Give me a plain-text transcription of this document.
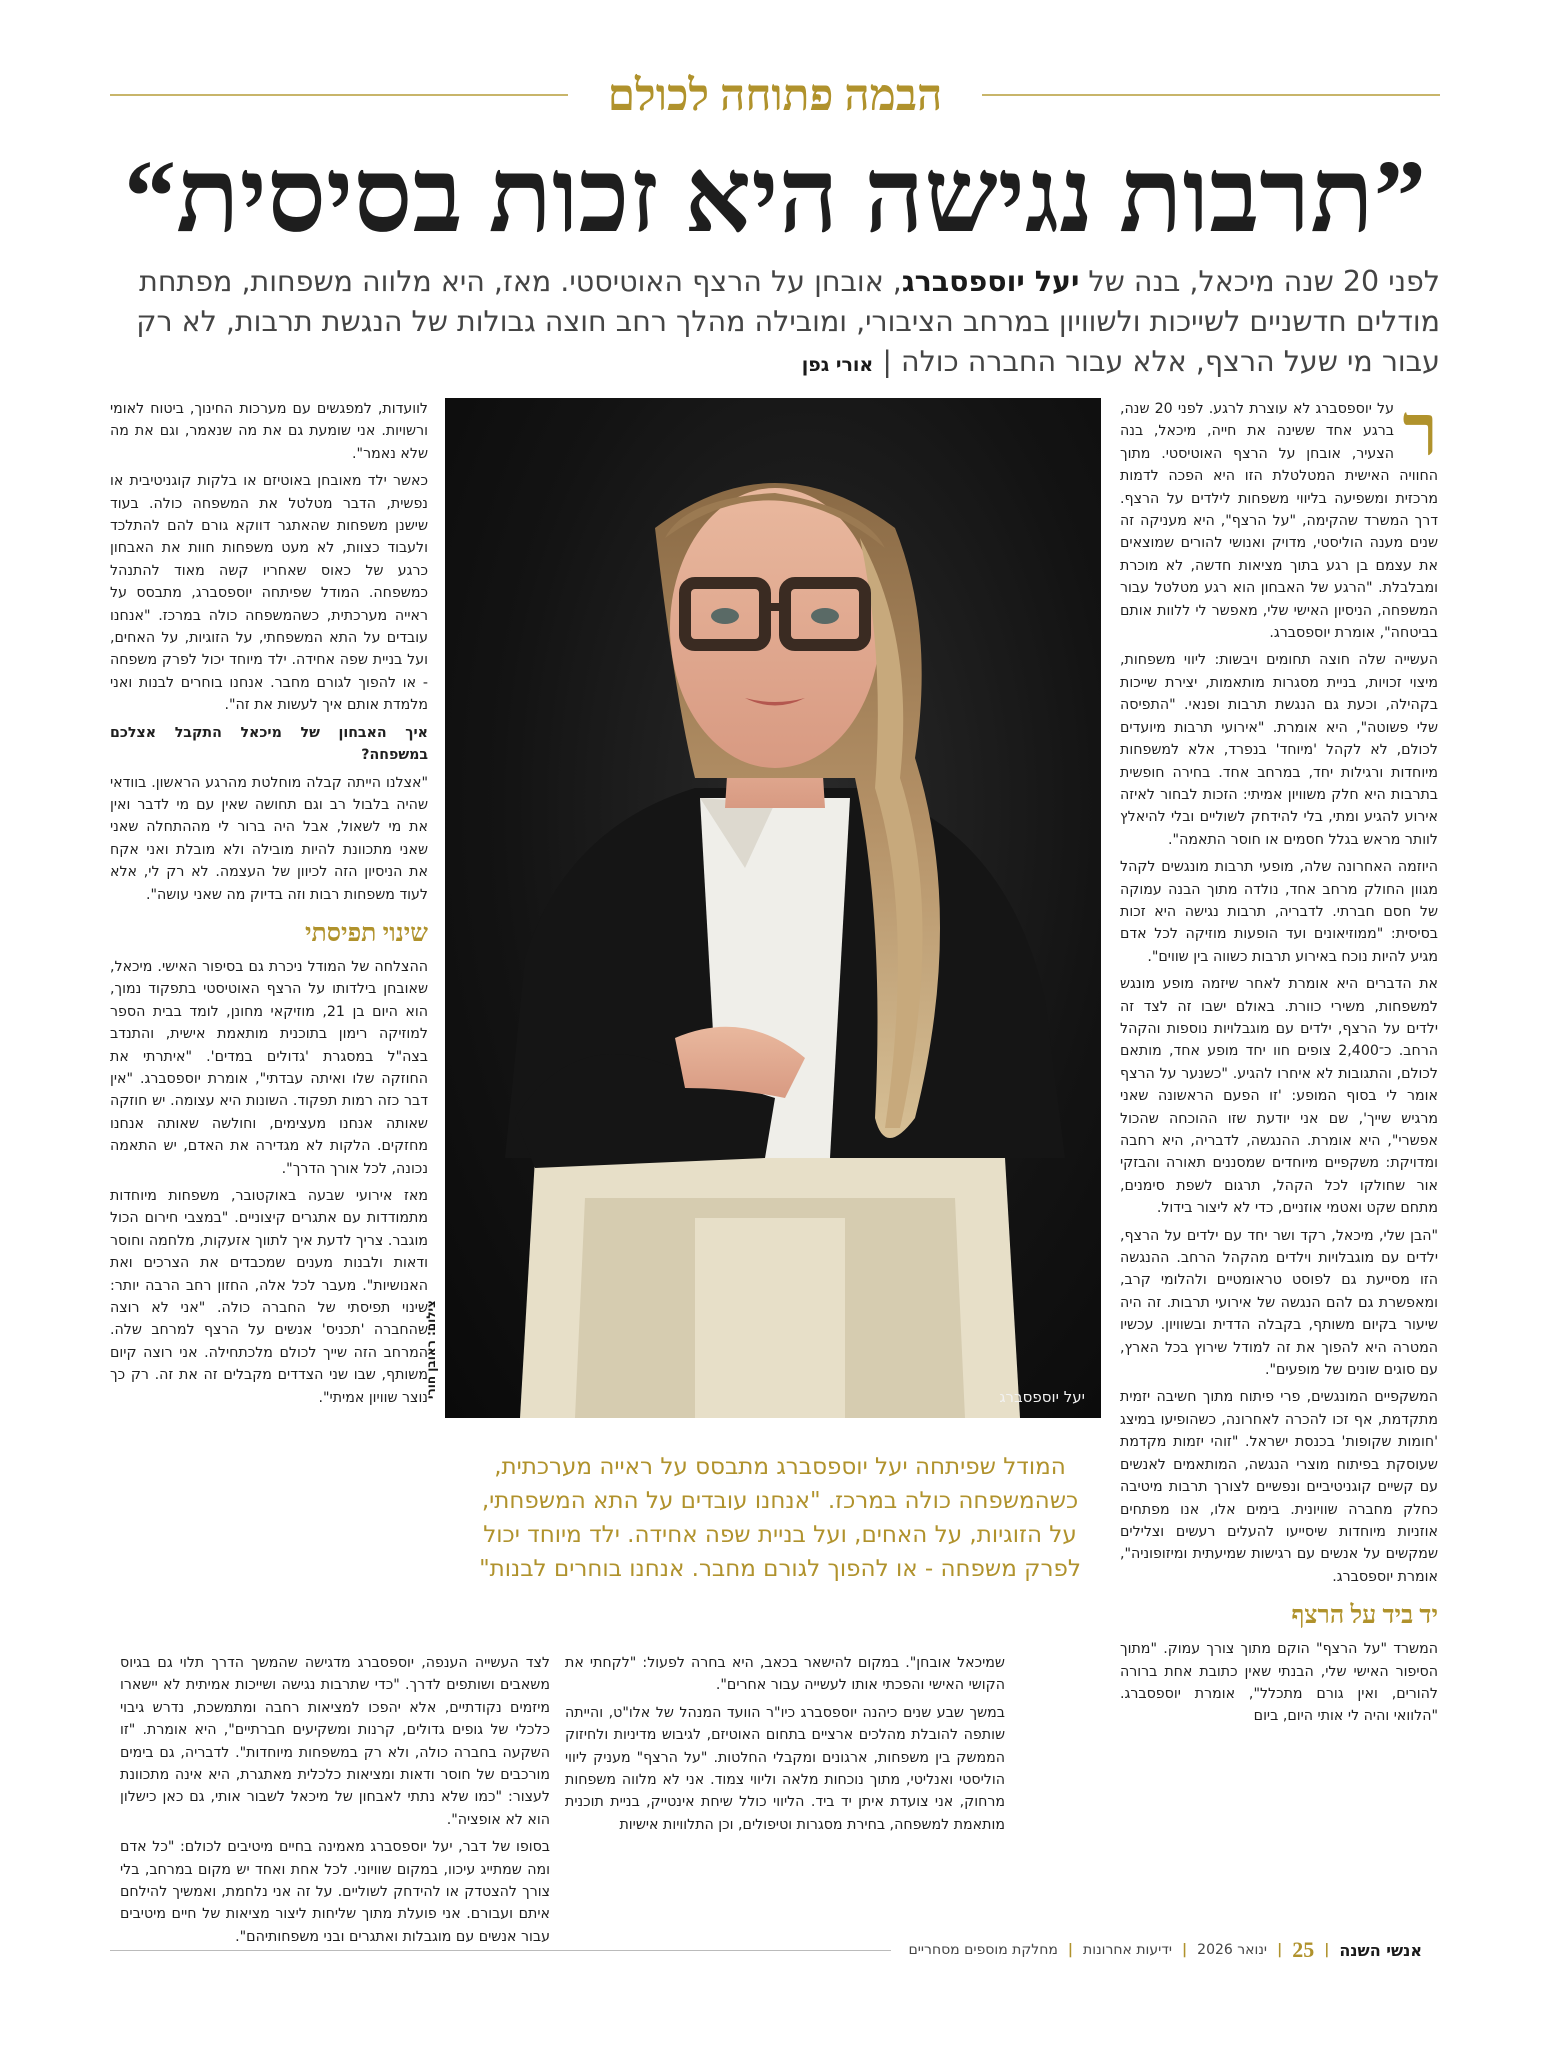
הבמה פתוחה לכולם
”תרבות נגישה היא זכות בסיסית“

לפני 20 שנה מיכאל, בנה של יעל יוספסברג, אובחן על הרצף האוטיסטי. מאז, היא מלווה משפחות, מפתחת מודלים חדשניים לשייכות ולשוויון במרחב הציבורי, ומובילה מהלך רחב חוצה גבולות של הנגשת תרבות, לא רק עבור מי שעל הרצף, אלא עבור החברה כולה | אורי גפן

ר

על יוספסברג לא עוצרת לרגע. לפני 20 שנה, ברגע אחד ששינה את חייה, מיכאל, בנה הצעיר, אובחן על הרצף האוטיסטי. מתוך החוויה האישית המטלטלת הזו היא הפכה לדמות מרכזית ומשפיעה בליווי משפחות לילדים על הרצף. דרך המשרד שהקימה, "על הרצף", היא מעניקה זה שנים מענה הוליסטי, מדויק ואנושי להורים שמוצאים את עצמם בן רגע בתוך מציאות חדשה, לא מוכרת ומבלבלת. "הרגע של האבחון הוא רגע מטלטל עבור המשפחה, הניסיון האישי שלי, מאפשר לי ללוות אותם בביטחה", אומרת יוספסברג.

העשייה שלה חוצה תחומים ויבשות: ליווי משפחות, מיצוי זכויות, בניית מסגרות מותאמות, יצירת שייכות בקהילה, וכעת גם הנגשת תרבות ופנאי. "התפיסה שלי פשוטה", היא אומרת. "אירועי תרבות מיועדים לכולם, לא לקהל 'מיוחד' בנפרד, אלא למשפחות מיוחדות ורגילות יחד, במרחב אחד. בחירה חופשית בתרבות היא חלק משוויון אמיתי: הזכות לבחור לאיזה אירוע להגיע ומתי, בלי להידחק לשוליים ובלי להיאלץ לוותר מראש בגלל חסמים או חוסר התאמה".

היוזמה האחרונה שלה, מופעי תרבות מונגשים לקהל מגוון החולק מרחב אחד, נולדה מתוך הבנה עמוקה של חסם חברתי. לדבריה, תרבות נגישה היא זכות בסיסית: "ממוזיאונים ועד הופעות מוזיקה לכל אדם מגיע להיות נוכח באירוע תרבות כשווה בין שווים".

את הדברים היא אומרת לאחר שיזמה מופע מונגש למשפחות, משירי כוורת. באולם ישבו זה לצד זה ילדים על הרצף, ילדים עם מוגבלויות נוספות והקהל הרחב. כ־2,400 צופים חוו יחד מופע אחד, מותאם לכולם, והתגובות לא איחרו להגיע. "כשנער על הרצף אומר לי בסוף המופע: 'זו הפעם הראשונה שאני מרגיש שייך', שם אני יודעת שזו ההוכחה שהכול אפשרי", היא אומרת. ההנגשה, לדבריה, היא רחבה ומדויקת: משקפיים מיוחדים שמסננים תאורה והבזקי אור שחולקו לכל הקהל, תרגום לשפת סימנים, מתחם שקט ואטמי אוזניים, כדי לא ליצור בידול.

"הבן שלי, מיכאל, רקד ושר יחד עם ילדים על הרצף, ילדים עם מוגבלויות וילדים מהקהל הרחב. ההנגשה הזו מסייעת גם לפוסט טראומטיים ולהלומי קרב, ומאפשרת גם להם הנגשה של אירועי תרבות. זה היה שיעור בקיום משותף, בקבלה הדדית ובשוויון. עכשיו המטרה היא להפוך את זה למודל שירוץ בכל הארץ, עם סוגים שונים של מופעים".

המשקפיים המונגשים, פרי פיתוח מתוך חשיבה יזמית מתקדמת, אף זכו להכרה לאחרונה, כשהופיעו במיצג 'חומות שקופות' בכנסת ישראל. "זוהי יזמות מקדמת שעוסקת בפיתוח מוצרי הנגשה, המותאמים לאנשים עם קשיים קוגניטיביים ונפשיים לצורך תרבות מיטיבה כחלק מחברה שוויונית. בימים אלו, אנו מפתחים אוזניות מיוחדות שיסייעו להעלים רעשים וצלילים שמקשים על אנשים עם רגישות שמיעתית ומיזופוניה", אומרת יוספסברג.

יד ביד על הרצף

המשרד "על הרצף" הוקם מתוך צורך עמוק. "מתוך הסיפור האישי שלי, הבנתי שאין כתובת אחת ברורה להורים, ואין גורם מתכלל", אומרת יוספסברג. "הלוואי והיה לי אותי היום, ביום

יעל יוספסברג
צילום: ראובן חורי

המודל שפיתחה יעל יוספסברג מתבסס על ראייה מערכתית, כשהמשפחה כולה במרכז. "אנחנו עובדים על התא המשפחתי, על הזוגיות, על האחים, ועל בניית שפה אחידה. ילד מיוחד יכול לפרק משפחה - או להפוך לגורם מחבר. אנחנו בוחרים לבנות"

שמיכאל אובחן". במקום להישאר בכאב, היא בחרה לפעול: "לקחתי את הקושי האישי והפכתי אותו לעשייה עבור אחרים".

במשך שבע שנים כיהנה יוספסברג כיו"ר הוועד המנהל של אלו"ט, והייתה שותפה להובלת מהלכים ארציים בתחום האוטיזם, לגיבוש מדיניות ולחיזוק הממשק בין משפחות, ארגונים ומקבלי החלטות. "על הרצף" מעניק ליווי הוליסטי ואנליטי, מתוך נוכחות מלאה וליווי צמוד. אני לא מלווה משפחות מרחוק, אני צועדת איתן יד ביד. הליווי כולל שיחת אינטייק, בניית תוכנית מותאמת למשפחה, בחירת מסגרות וטיפולים, וכן התלוויות אישיות

לוועדות, למפגשים עם מערכות החינוך, ביטוח לאומי ורשויות. אני שומעת גם את מה שנאמר, וגם את מה שלא נאמר".

כאשר ילד מאובחן באוטיזם או בלקות קוגניטיבית או נפשית, הדבר מטלטל את המשפחה כולה. בעוד שישנן משפחות שהאתגר דווקא גורם להם להתלכד ולעבוד כצוות, לא מעט משפחות חוות את האבחון כרגע של כאוס שאחריו קשה מאוד להתנהל כמשפחה. המודל שפיתחה יוספסברג, מתבסס על ראייה מערכתית, כשהמשפחה כולה במרכז. "אנחנו עובדים על התא המשפחתי, על הזוגיות, על האחים, ועל בניית שפה אחידה. ילד מיוחד יכול לפרק משפחה - או להפוך לגורם מחבר. אנחנו בוחרים לבנות ואני מלמדת אותם איך לעשות את זה".

איך האבחון של מיכאל התקבל אצלכם במשפחה?

"אצלנו הייתה קבלה מוחלטת מהרגע הראשון. בוודאי שהיה בלבול רב וגם תחושה שאין עם מי לדבר ואין את מי לשאול, אבל היה ברור לי מההתחלה שאני שאני מתכוונת להיות מובילה ולא מובלת ואני אקח את הניסיון הזה לכיוון של העצמה. לא רק לי, אלא לעוד משפחות רבות וזה בדיוק מה שאני עושה".

שינוי תפיסתי

ההצלחה של המודל ניכרת גם בסיפור האישי. מיכאל, שאובחן בילדותו על הרצף האוטיסטי בתפקוד נמוך, הוא היום בן 21, מוזיקאי מחונן, לומד בבית הספר למוזיקה רימון בתוכנית מותאמת אישית, והתנדב בצה"ל במסגרת 'גדולים במדים'. "איתרתי את החוזקה שלו ואיתה עבדתי", אומרת יוספסברג. "אין דבר כזה רמות תפקוד. השונות היא עצומה. יש חוזקה שאותה אנחנו מעצימים, וחולשה שאותה אנחנו מחזקים. הלקות לא מגדירה את האדם, יש התאמה נכונה, לכל אורך הדרך".

מאז אירועי שבעה באוקטובר, משפחות מיוחדות מתמודדות עם אתגרים קיצוניים. "במצבי חירום הכול מוגבר. צריך לדעת איך לתווך אזעקות, מלחמה וחוסר ודאות ולבנות מענים שמכבדים את הצרכים ואת האנושיות". מעבר לכל אלה, החזון רחב הרבה יותר: שינוי תפיסתי של החברה כולה. "אני לא רוצה שהחברה 'תכניס' אנשים על הרצף למרחב שלה. המרחב הזה שייך לכולם מלכתחילה. אני רוצה קיום משותף, שבו שני הצדדים מקבלים זה את זה. רק כך נוצר שוויון אמיתי".

לצד העשייה הענפה, יוספסברג מדגישה שהמשך הדרך תלוי גם בגיוס משאבים ושותפים לדרך. "כדי שתרבות נגישה ושייכות אמיתית לא יישארו מיזמים נקודתיים, אלא יהפכו למציאות רחבה ומתמשכת, נדרש גיבוי כלכלי של גופים גדולים, קרנות ומשקיעים חברתיים", היא אומרת. "זו השקעה בחברה כולה, ולא רק במשפחות מיוחדות". לדבריה, גם בימים מורכבים של חוסר ודאות ומציאות כלכלית מאתגרת, היא אינה מתכוונת לעצור: "כמו שלא נתתי לאבחון של מיכאל לשבור אותי, גם כאן כישלון הוא לא אופציה".

בסופו של דבר, יעל יוספסברג מאמינה בחיים מיטיבים לכולם: "כל אדם ומה שמתייג עיכוו, במקום שוויוני. לכל אחת ואחד יש מקום במרחב, בלי צורך להצטדק או להידחק לשוליים. על זה אני נלחמת, ואמשיך להילחם איתם ועבורם. אני פועלת מתוך שליחות ליצור מציאות של חיים מיטיבים עבור אנשים עם מוגבלות ואתגרים ובני משפחותיהם".

אנשי השנה
|
25
|
ינואר 2026
|
ידיעות אחרונות
|
מחלקת מוספים מסחריים
